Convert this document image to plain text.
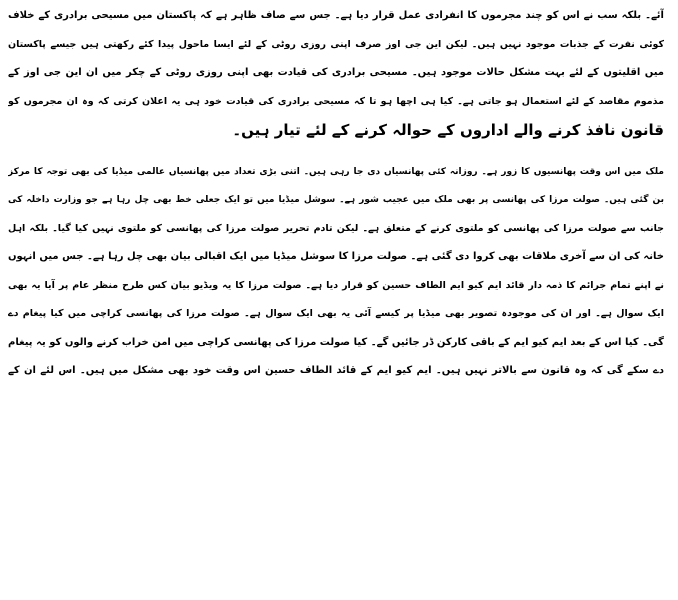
آئے۔ بلکہ سب نے اس کو چند مجرموں کا انفرادی عمل قرار دیا ہے۔ جس سے صاف ظاہر ہے کہ پاکستان میں مسیحی برادری کے خلاف
کوئی نفرت کے جذبات موجود نہیں ہیں۔ لیکن این جی اوز صرف اپنی روزی روٹی کے لئے ایسا ماحول پیدا کئے رکھتی ہیں جیسے پاکستان
میں اقلیتوں کے لئے بہت مشکل حالات موجود ہیں۔ مسیحی برادری کی قیادت بھی اپنی روزی روٹی کے چکر میں ان این جی اوز کے
مذموم مقاصد کے لئے استعمال ہو جاتی ہے۔ کیا ہی اچھا ہو تا کہ مسیحی برادری کی قیادت خود ہی یہ اعلان کرتی کہ وہ ان مجرموں کو
قانون نافذ کرنے والے اداروں کے حوالہ کرنے کے لئے تیار ہیں۔
ملک میں اس وقت پھانسیوں کا زور ہے۔ روزانہ کئی پھانسیاں دی جا رہی ہیں۔ اتنی بڑی تعداد میں پھانسیاں عالمی میڈیا کی بھی توجہ کا مرکز
بن گئی ہیں۔ صولت مرزا کی پھانسی پر بھی ملک میں عجیب شور ہے۔ سوشل میڈیا میں تو ایک جعلی خط بھی چل رہا ہے جو وزارت داخلہ کی
جانب سے صولت مرزا کی پھانسی کو ملتوی کرنے کے متعلق ہے۔ لیکن تادم تحریر صولت مرزا کی پھانسی کو ملتوی نہیں کیا گیا۔ بلکہ اہل
خانہ کی ان سے آخری ملاقات بھی کروا دی گئی ہے۔ صولت مرزا کا سوشل میڈیا میں ایک اقبالی بیان بھی چل رہا ہے۔ جس میں انہوں
نے اپنے تمام جرائم کا ذمہ دار قائد ایم کیو ایم الطاف حسین کو قرار دیا ہے۔ صولت مرزا کا یہ ویڈیو بیان کس طرح منظر عام پر آیا یہ بھی
ایک سوال ہے۔ اور ان کی موجودہ تصویر بھی میڈیا پر کیسے آئی یہ بھی ایک سوال ہے۔ صولت مرزا کی پھانسی کراچی میں کیا پیغام دے
گی۔ کیا اس کے بعد ایم کیو ایم کے باقی کارکن ڈر جائیں گے۔ کیا صولت مرزا کی پھانسی کراچی میں امن خراب کرنے والوں کو یہ پیغام
دے سکے گی کہ وہ قانون سے بالاتر نہیں ہیں۔ ایم کیو ایم کے قائد الطاف حسین اس وقت خود بھی مشکل میں ہیں۔ اس لئے ان کے
